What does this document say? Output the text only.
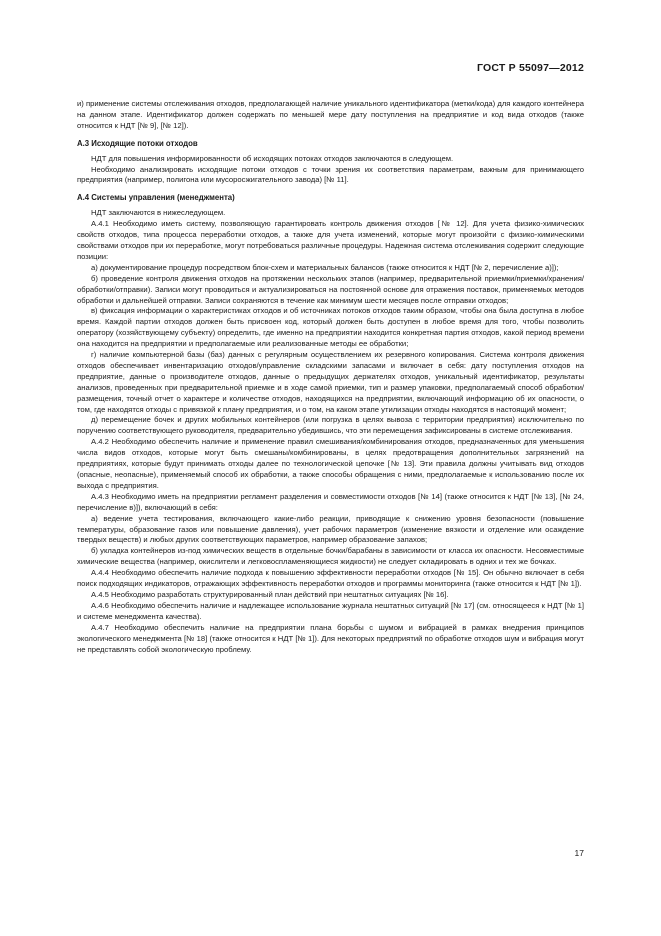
ГОСТ Р 55097—2012

и) применение системы отслеживания отходов, предполагающей наличие уникального идентификатора (метки/кода) для каждого контейнера на данном этапе. Идентификатор должен содержать по меньшей мере дату поступления на предприятие и код вида отходов (также относится к НДТ [№ 9], [№ 12]).

А.3 Исходящие потоки отходов

НДТ для повышения информированности об исходящих потоках отходов заключаются в следующем.

Необходимо анализировать исходящие потоки отходов с точки зрения их соответствия параметрам, важным для принимающего предприятия (например, полигона или мусоросжигательного завода) [№ 11].

А.4 Системы управления (менеджмента)

НДТ заключаются в нижеследующем.

А.4.1 Необходимо иметь систему, позволяющую гарантировать контроль движения отходов [№ 12]. Для учета физико-химических свойств отходов, типа процесса переработки отходов, а также для учета изменений, которые могут произойти с физико-химическими свойствами отходов при их переработке, могут потребоваться различные процедуры. Надежная система отслеживания содержит следующие позиции:

а) документирование процедур посредством блок-схем и материальных балансов (также относится к НДТ [№ 2, перечисление а)]);

б) проведение контроля движения отходов на протяжении нескольких этапов (например, предварительной приемки/приемки/хранения/обработки/отправки). Записи могут проводиться и актуализироваться на постоянной основе для отражения поставок, применяемых методов обработки и дальнейшей отправки. Записи сохраняются в течение как минимум шести месяцев после отправки отходов;

в) фиксация информации о характеристиках отходов и об источниках потоков отходов таким образом, чтобы она была доступна в любое время. Каждой партии отходов должен быть присвоен код, который должен быть доступен в любое время для того, чтобы позволить оператору (хозяйствующему субъекту) определить, где именно на предприятии находится конкретная партия отходов, какой период времени она находится на предприятии и предполагаемые или реализованные методы ее обработки;

г) наличие компьютерной базы (баз) данных с регулярным осуществлением их резервного копирования. Система контроля движения отходов обеспечивает инвентаризацию отходов/управление складскими запасами и включает в себя: дату поступления отходов на предприятие, данные о производителе отходов, данные о предыдущих держателях отходов, уникальный идентификатор, результаты анализов, проведенных при предварительной приемке и в ходе самой приемки, тип и размер упаковки, предполагаемый способ обработки/размещения, точный отчет о характере и количестве отходов, находящихся на предприятии, включающий информацию об их опасности, о том, где находятся отходы с привязкой к плану предприятия, и о том, на каком этапе утилизации отходы находятся в настоящий момент;

д) перемещение бочек и других мобильных контейнеров (или погрузка в целях вывоза с территории предприятия) исключительно по поручению соответствующего руководителя, предварительно убедившись, что эти перемещения зафиксированы в системе отслеживания.

А.4.2 Необходимо обеспечить наличие и применение правил смешивания/комбинирования отходов, предназначенных для уменьшения числа видов отходов, которые могут быть смешаны/комбинированы, в целях предотвращения дополнительных загрязнений на предприятиях, которые будут принимать отходы далее по технологической цепочке [№ 13]. Эти правила должны учитывать вид отходов (опасные, неопасные), применяемый способ их обработки, а также способы обращения с ними, предполагаемые к использованию после их выхода с предприятия.

А.4.3 Необходимо иметь на предприятии регламент разделения и совместимости отходов [№ 14] (также относится к НДТ [№ 13], [№ 24, перечисление в)]), включающий в себя:

а) ведение учета тестирования, включающего какие-либо реакции, приводящие к снижению уровня безопасности (повышение температуры, образование газов или повышение давления), учет рабочих параметров (изменение вязкости и отделение или осаждение твердых веществ) и любых других соответствующих параметров, например образование запахов;

б) укладка контейнеров из-под химических веществ в отдельные бочки/барабаны в зависимости от класса их опасности. Несовместимые химические вещества (например, окислители и легковоспламеняющиеся жидкости) не следует складировать в одних и тех же бочках.

А.4.4 Необходимо обеспечить наличие подхода к повышению эффективности переработки отходов [№ 15]. Он обычно включает в себя поиск подходящих индикаторов, отражающих эффективность переработки отходов и программы мониторинга (также относится к НДТ [№ 1]).

А.4.5 Необходимо разработать структурированный план действий при нештатных ситуациях [№ 16].

А.4.6 Необходимо обеспечить наличие и надлежащее использование журнала нештатных ситуаций [№ 17] (см. относящееся к НДТ [№ 1] и системе менеджмента качества).

А.4.7 Необходимо обеспечить наличие на предприятии плана борьбы с шумом и вибрацией в рамках внедрения принципов экологического менеджмента [№ 18] (также относится к НДТ [№ 1]). Для некоторых предприятий по обработке отходов шум и вибрация могут не представлять собой экологическую проблему.

17
